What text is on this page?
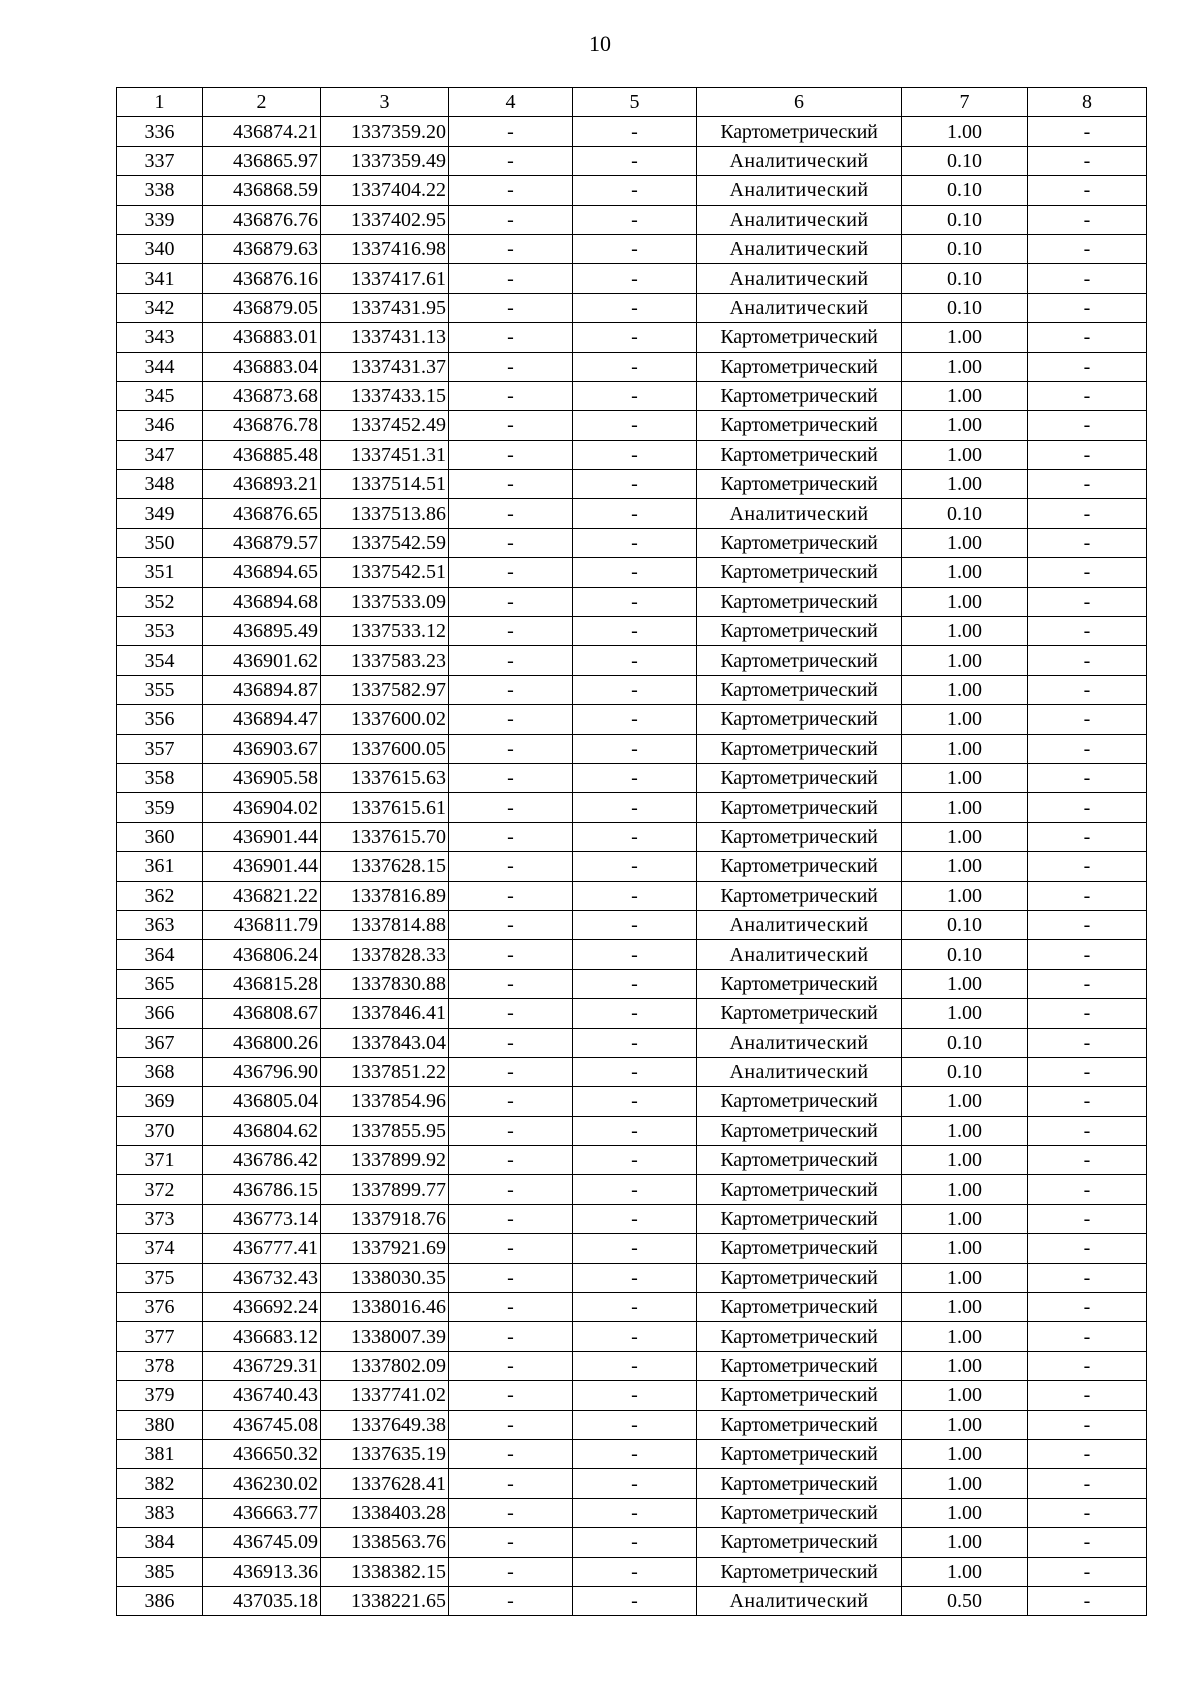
10
1	2	3	4	5	6	7	8
336	436874.21	1337359.20	-	-	Картометрический	1.00	-
337	436865.97	1337359.49	-	-	Аналитический	0.10	-
338	436868.59	1337404.22	-	-	Аналитический	0.10	-
339	436876.76	1337402.95	-	-	Аналитический	0.10	-
340	436879.63	1337416.98	-	-	Аналитический	0.10	-
341	436876.16	1337417.61	-	-	Аналитический	0.10	-
342	436879.05	1337431.95	-	-	Аналитический	0.10	-
343	436883.01	1337431.13	-	-	Картометрический	1.00	-
344	436883.04	1337431.37	-	-	Картометрический	1.00	-
345	436873.68	1337433.15	-	-	Картометрический	1.00	-
346	436876.78	1337452.49	-	-	Картометрический	1.00	-
347	436885.48	1337451.31	-	-	Картометрический	1.00	-
348	436893.21	1337514.51	-	-	Картометрический	1.00	-
349	436876.65	1337513.86	-	-	Аналитический	0.10	-
350	436879.57	1337542.59	-	-	Картометрический	1.00	-
351	436894.65	1337542.51	-	-	Картометрический	1.00	-
352	436894.68	1337533.09	-	-	Картометрический	1.00	-
353	436895.49	1337533.12	-	-	Картометрический	1.00	-
354	436901.62	1337583.23	-	-	Картометрический	1.00	-
355	436894.87	1337582.97	-	-	Картометрический	1.00	-
356	436894.47	1337600.02	-	-	Картометрический	1.00	-
357	436903.67	1337600.05	-	-	Картометрический	1.00	-
358	436905.58	1337615.63	-	-	Картометрический	1.00	-
359	436904.02	1337615.61	-	-	Картометрический	1.00	-
360	436901.44	1337615.70	-	-	Картометрический	1.00	-
361	436901.44	1337628.15	-	-	Картометрический	1.00	-
362	436821.22	1337816.89	-	-	Картометрический	1.00	-
363	436811.79	1337814.88	-	-	Аналитический	0.10	-
364	436806.24	1337828.33	-	-	Аналитический	0.10	-
365	436815.28	1337830.88	-	-	Картометрический	1.00	-
366	436808.67	1337846.41	-	-	Картометрический	1.00	-
367	436800.26	1337843.04	-	-	Аналитический	0.10	-
368	436796.90	1337851.22	-	-	Аналитический	0.10	-
369	436805.04	1337854.96	-	-	Картометрический	1.00	-
370	436804.62	1337855.95	-	-	Картометрический	1.00	-
371	436786.42	1337899.92	-	-	Картометрический	1.00	-
372	436786.15	1337899.77	-	-	Картометрический	1.00	-
373	436773.14	1337918.76	-	-	Картометрический	1.00	-
374	436777.41	1337921.69	-	-	Картометрический	1.00	-
375	436732.43	1338030.35	-	-	Картометрический	1.00	-
376	436692.24	1338016.46	-	-	Картометрический	1.00	-
377	436683.12	1338007.39	-	-	Картометрический	1.00	-
378	436729.31	1337802.09	-	-	Картометрический	1.00	-
379	436740.43	1337741.02	-	-	Картометрический	1.00	-
380	436745.08	1337649.38	-	-	Картометрический	1.00	-
381	436650.32	1337635.19	-	-	Картометрический	1.00	-
382	436230.02	1337628.41	-	-	Картометрический	1.00	-
383	436663.77	1338403.28	-	-	Картометрический	1.00	-
384	436745.09	1338563.76	-	-	Картометрический	1.00	-
385	436913.36	1338382.15	-	-	Картометрический	1.00	-
386	437035.18	1338221.65	-	-	Аналитический	0.50	-
